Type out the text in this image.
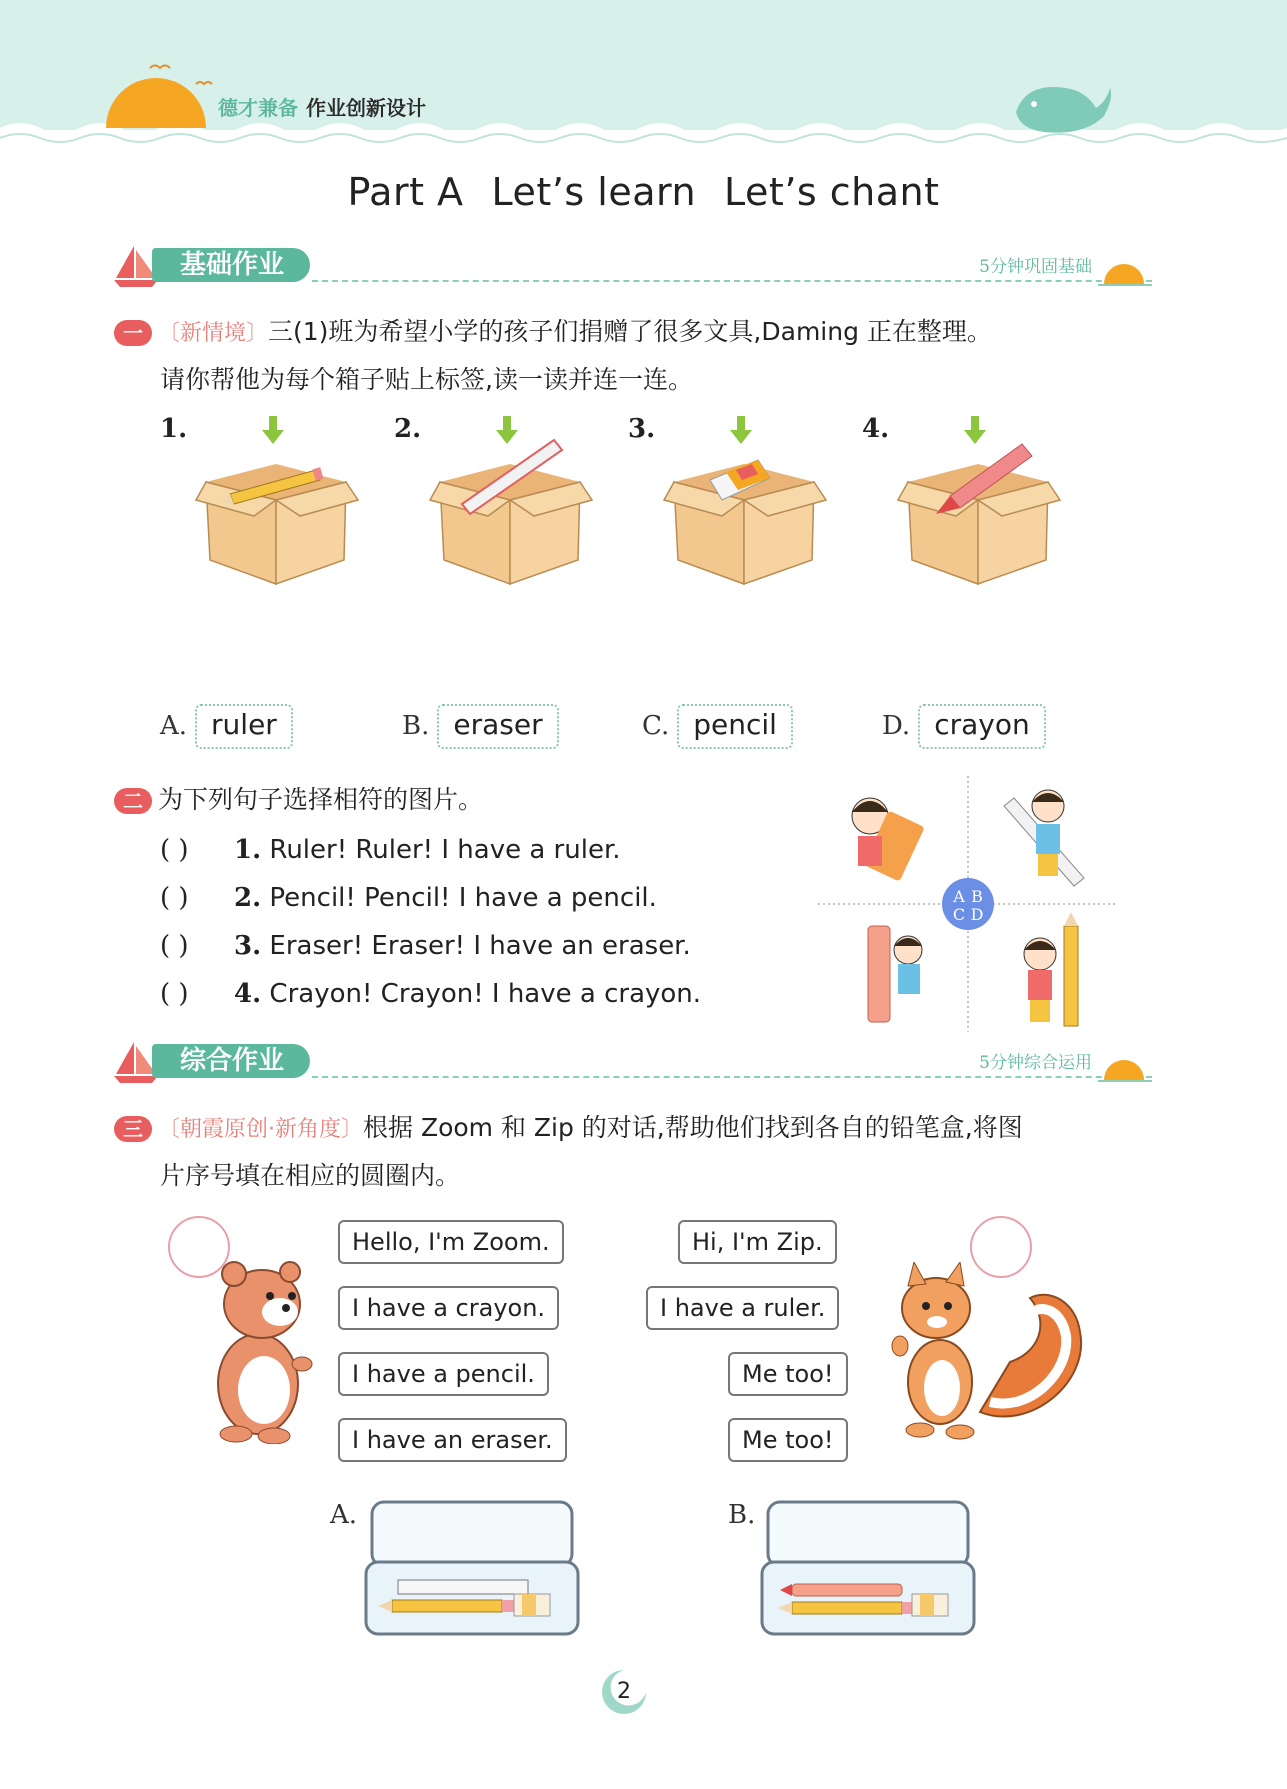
德才兼备 作业创新设计
Part A Let’s learn Let’s chant
基础作业	5分钟巩固基础
一 〔新情境〕三(1)班为希望小学的孩子们捐赠了很多文具,Daming 正在整理。
请你帮他为每个箱子贴上标签,读一读并连一连。
1.	2.	3.	4.
A. ruler	B. eraser	C. pencil	D. crayon
二 为下列句子选择相符的图片。
( ) 1. Ruler! Ruler! I have a ruler.
( ) 2. Pencil! Pencil! I have a pencil.
( ) 3. Eraser! Eraser! I have an eraser.
( ) 4. Crayon! Crayon! I have a crayon.
A B
C D
综合作业	5分钟综合运用
三 〔朝霞原创·新角度〕根据 Zoom 和 Zip 的对话,帮助他们找到各自的铅笔盒,将图
片序号填在相应的圆圈内。
Hello, I'm Zoom.
I have a crayon.
I have a pencil.
I have an eraser.
Hi, I'm Zip.
I have a ruler.
Me too!
Me too!
A.	B.
2
